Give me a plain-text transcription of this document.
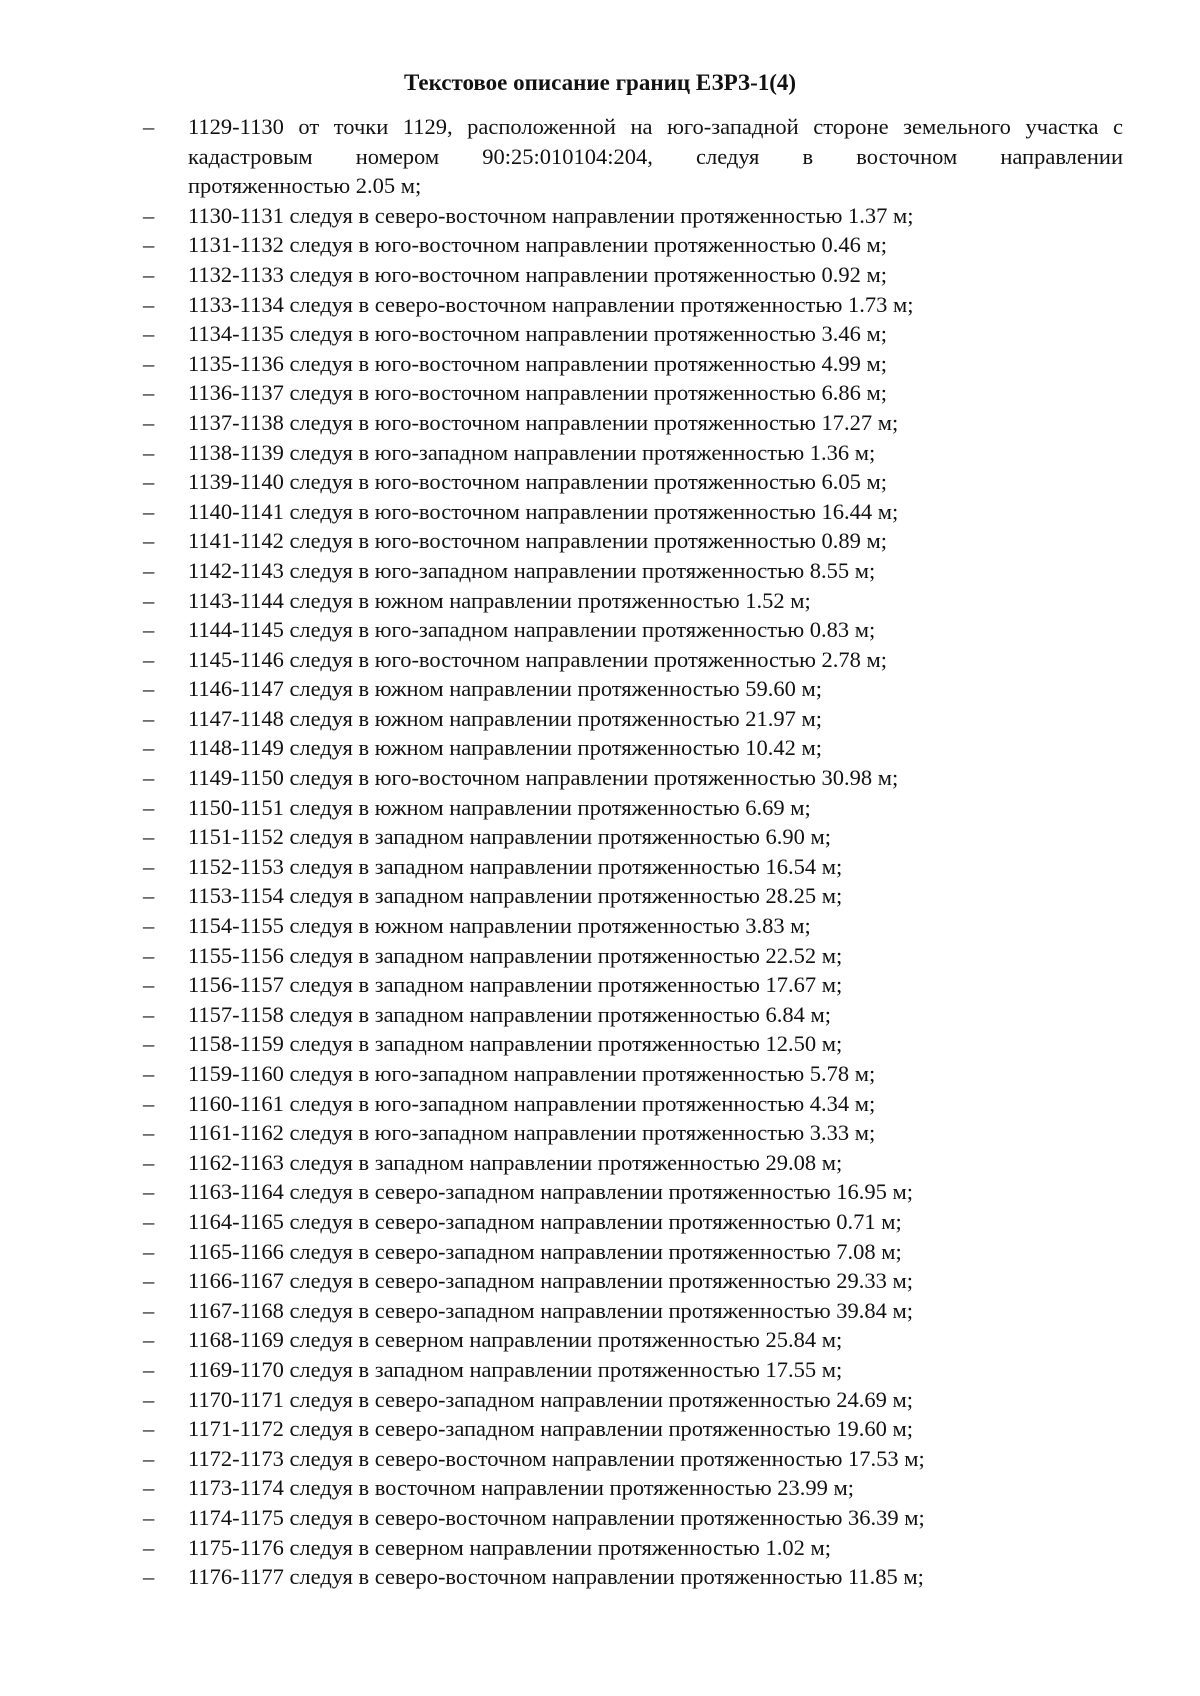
Текстовое описание границ ЕЗРЗ-1(4)
– 1129-1130 от точки 1129, расположенной на юго-западной стороне земельного участка с
кадастровым номером 90:25:010104:204, следуя в восточном направлении
протяженностью 2.05 м;
– 1130-1131 следуя в северо-восточном направлении протяженностью 1.37 м;
– 1131-1132 следуя в юго-восточном направлении протяженностью 0.46 м;
– 1132-1133 следуя в юго-восточном направлении протяженностью 0.92 м;
– 1133-1134 следуя в северо-восточном направлении протяженностью 1.73 м;
– 1134-1135 следуя в юго-восточном направлении протяженностью 3.46 м;
– 1135-1136 следуя в юго-восточном направлении протяженностью 4.99 м;
– 1136-1137 следуя в юго-восточном направлении протяженностью 6.86 м;
– 1137-1138 следуя в юго-восточном направлении протяженностью 17.27 м;
– 1138-1139 следуя в юго-западном направлении протяженностью 1.36 м;
– 1139-1140 следуя в юго-восточном направлении протяженностью 6.05 м;
– 1140-1141 следуя в юго-восточном направлении протяженностью 16.44 м;
– 1141-1142 следуя в юго-восточном направлении протяженностью 0.89 м;
– 1142-1143 следуя в юго-западном направлении протяженностью 8.55 м;
– 1143-1144 следуя в южном направлении протяженностью 1.52 м;
– 1144-1145 следуя в юго-западном направлении протяженностью 0.83 м;
– 1145-1146 следуя в юго-восточном направлении протяженностью 2.78 м;
– 1146-1147 следуя в южном направлении протяженностью 59.60 м;
– 1147-1148 следуя в южном направлении протяженностью 21.97 м;
– 1148-1149 следуя в южном направлении протяженностью 10.42 м;
– 1149-1150 следуя в юго-восточном направлении протяженностью 30.98 м;
– 1150-1151 следуя в южном направлении протяженностью 6.69 м;
– 1151-1152 следуя в западном направлении протяженностью 6.90 м;
– 1152-1153 следуя в западном направлении протяженностью 16.54 м;
– 1153-1154 следуя в западном направлении протяженностью 28.25 м;
– 1154-1155 следуя в южном направлении протяженностью 3.83 м;
– 1155-1156 следуя в западном направлении протяженностью 22.52 м;
– 1156-1157 следуя в западном направлении протяженностью 17.67 м;
– 1157-1158 следуя в западном направлении протяженностью 6.84 м;
– 1158-1159 следуя в западном направлении протяженностью 12.50 м;
– 1159-1160 следуя в юго-западном направлении протяженностью 5.78 м;
– 1160-1161 следуя в юго-западном направлении протяженностью 4.34 м;
– 1161-1162 следуя в юго-западном направлении протяженностью 3.33 м;
– 1162-1163 следуя в западном направлении протяженностью 29.08 м;
– 1163-1164 следуя в северо-западном направлении протяженностью 16.95 м;
– 1164-1165 следуя в северо-западном направлении протяженностью 0.71 м;
– 1165-1166 следуя в северо-западном направлении протяженностью 7.08 м;
– 1166-1167 следуя в северо-западном направлении протяженностью 29.33 м;
– 1167-1168 следуя в северо-западном направлении протяженностью 39.84 м;
– 1168-1169 следуя в северном направлении протяженностью 25.84 м;
– 1169-1170 следуя в западном направлении протяженностью 17.55 м;
– 1170-1171 следуя в северо-западном направлении протяженностью 24.69 м;
– 1171-1172 следуя в северо-западном направлении протяженностью 19.60 м;
– 1172-1173 следуя в северо-восточном направлении протяженностью 17.53 м;
– 1173-1174 следуя в восточном направлении протяженностью 23.99 м;
– 1174-1175 следуя в северо-восточном направлении протяженностью 36.39 м;
– 1175-1176 следуя в северном направлении протяженностью 1.02 м;
– 1176-1177 следуя в северо-восточном направлении протяженностью 11.85 м;
